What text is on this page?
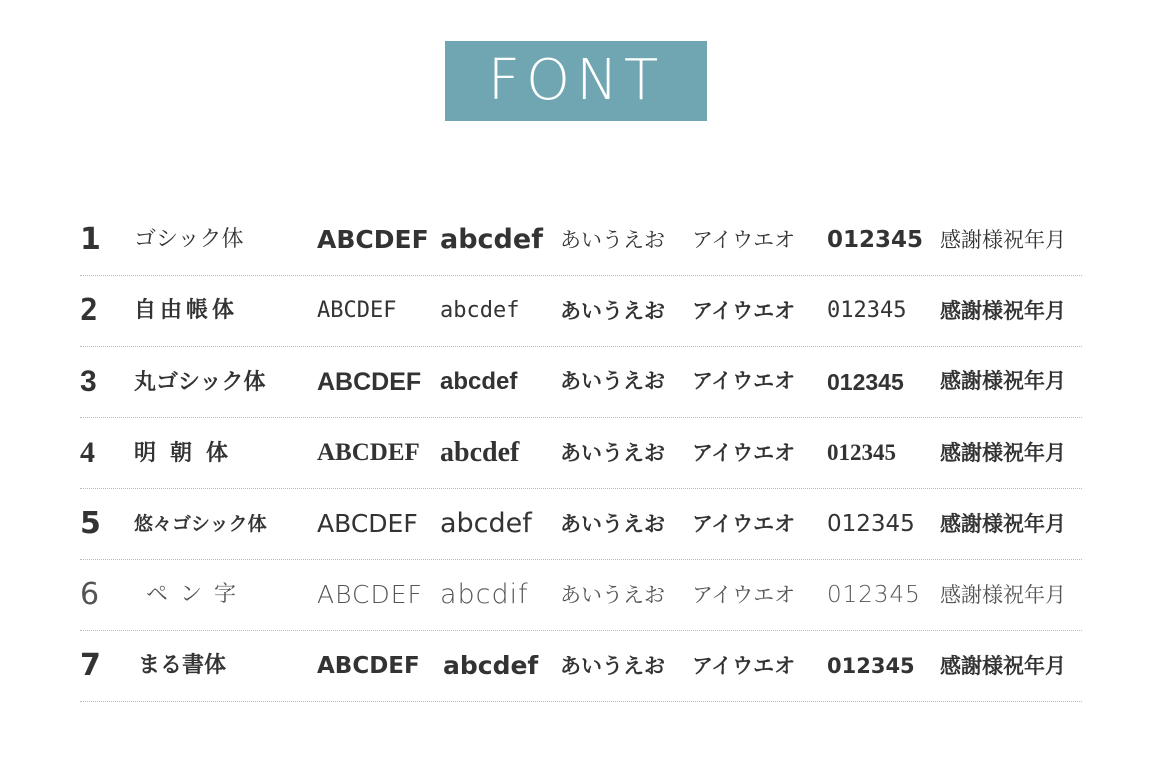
FONT
1 ゴシック体	ABCDEF abcdef あいうえお アイウエオ 012345 感謝様祝年月
2 自由帳体	ABCDEF abcdef あいうえお アイウエオ 012345 感謝様祝年月
3 丸ゴシック体 ABCDEF abcdef あいうえお アイウエオ 012345 感謝様祝年月
4 明朝体	ABCDEF abcdef あいうえお アイウエオ 012345 感謝様祝年月
5 悠々ゴシック体 ABCDEF abcdef あいうえお アイウエオ 012345 感謝様祝年月
6 ペン字	ABCDEF abcdif あいうえお アイウエオ 012345 感謝様祝年月
7 まる書体	ABCDEF abcdef あいうえお アイウエオ 012345 感謝様祝年月
